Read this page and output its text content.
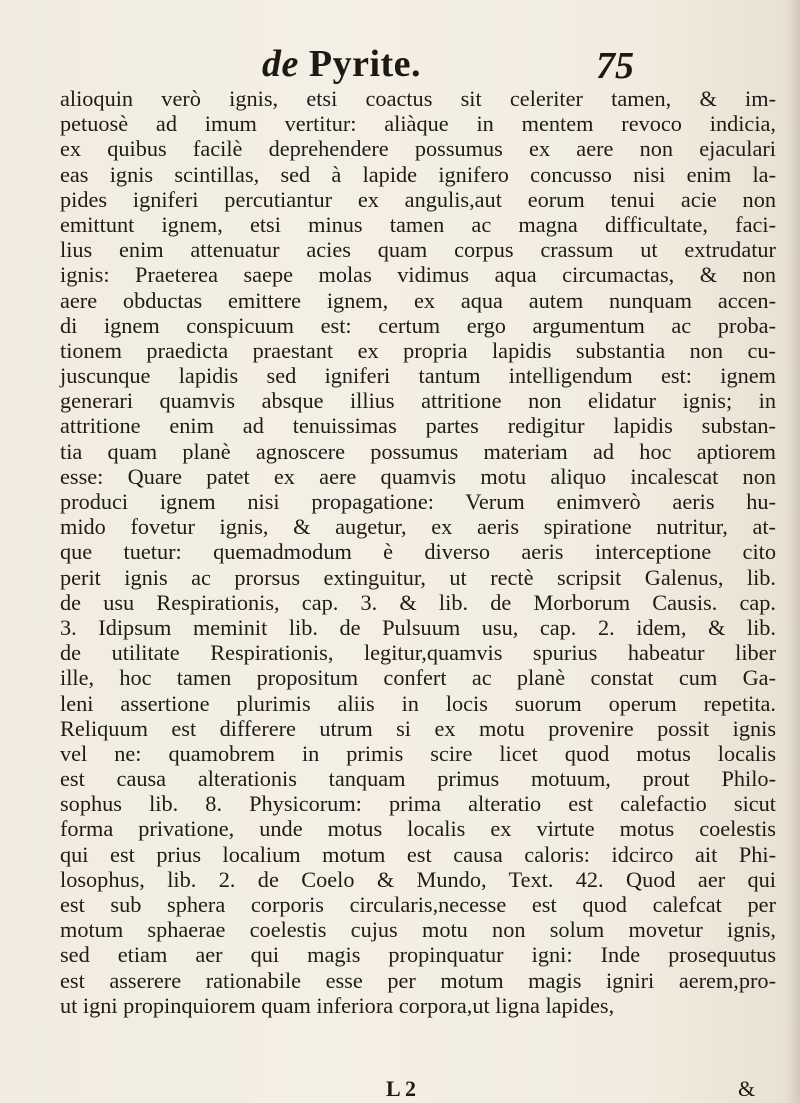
de Pyrite.	75
alioquin verò ignis, etsi coactus sit celeriter tamen, & im-
petuosè ad imum vertitur: aliàque in mentem revoco indicia,
ex quibus facilè deprehendere possumus ex aere non ejaculari
eas ignis scintillas, sed à lapide ignifero concusso nisi enim la-
pides igniferi percutiantur ex angulis,aut eorum tenui acie non
emittunt ignem, etsi minus tamen ac magna difficultate, faci-
lius enim attenuatur acies quam corpus crassum ut extrudatur
ignis: Praeterea saepe molas vidimus aqua circumactas, & non
aere obductas emittere ignem, ex aqua autem nunquam accen-
di ignem conspicuum est: certum ergo argumentum ac proba-
tionem praedicta praestant ex propria lapidis substantia non cu-
juscunque lapidis sed igniferi tantum intelligendum est: ignem
generari quamvis absque illius attritione non elidatur ignis; in
attritione enim ad tenuissimas partes redigitur lapidis substan-
tia quam planè agnoscere possumus materiam ad hoc aptiorem
esse: Quare patet ex aere quamvis motu aliquo incalescat non
produci ignem nisi propagatione: Verum enimverò aeris hu-
mido fovetur ignis, & augetur, ex aeris spiratione nutritur, at-
que tuetur: quemadmodum è diverso aeris interceptione cito
perit ignis ac prorsus extinguitur, ut rectè scripsit Galenus, lib.
de usu Respirationis, cap. 3. & lib. de Morborum Causis. cap.
3. Idipsum meminit lib. de Pulsuum usu, cap. 2. idem, & lib.
de utilitate Respirationis, legitur,quamvis spurius habeatur liber
ille, hoc tamen propositum confert ac planè constat cum Ga-
leni assertione plurimis aliis in locis suorum operum repetita.
Reliquum est differere utrum si ex motu provenire possit ignis
vel ne: quamobrem in primis scire licet quod motus localis
est causa alterationis tanquam primus motuum, prout Philo-
sophus lib. 8. Physicorum: prima alteratio est calefactio sicut
forma privatione, unde motus localis ex virtute motus coelestis
qui est prius localium motum est causa caloris: idcirco ait Phi-
losophus, lib. 2. de Coelo & Mundo, Text. 42. Quod aer qui
est sub sphera corporis circularis,necesse est quod calefcat per
motum sphaerae coelestis cujus motu non solum movetur ignis,
sed etiam aer qui magis propinquatur igni: Inde prosequutus
est asserere rationabile esse per motum magis igniri aerem,pro-
ut igni propinquiorem quam inferiora corpora,ut ligna lapides,
L 2	&
